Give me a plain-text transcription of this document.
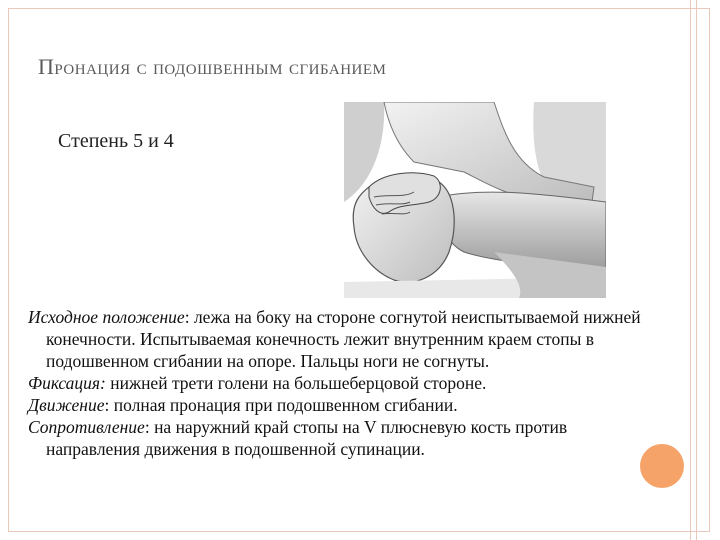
Пронация с подошвенным сгибанием
Степень 5 и 4

Исходное положение: лежа на боку на стороне согнутой неиспытываемой нижней конечности. Испытываемая конечность лежит внутренним краем стопы в подошвенном сгибании на опоре. Пальцы ноги не согнуты.

Фиксация: нижней трети голени на большеберцовой стороне.

Движение: полная пронация при подошвенном сгибании.

Сопротивление: на наружний край стопы на V плюсневую кость против направления движения в подошвенной супинации.
